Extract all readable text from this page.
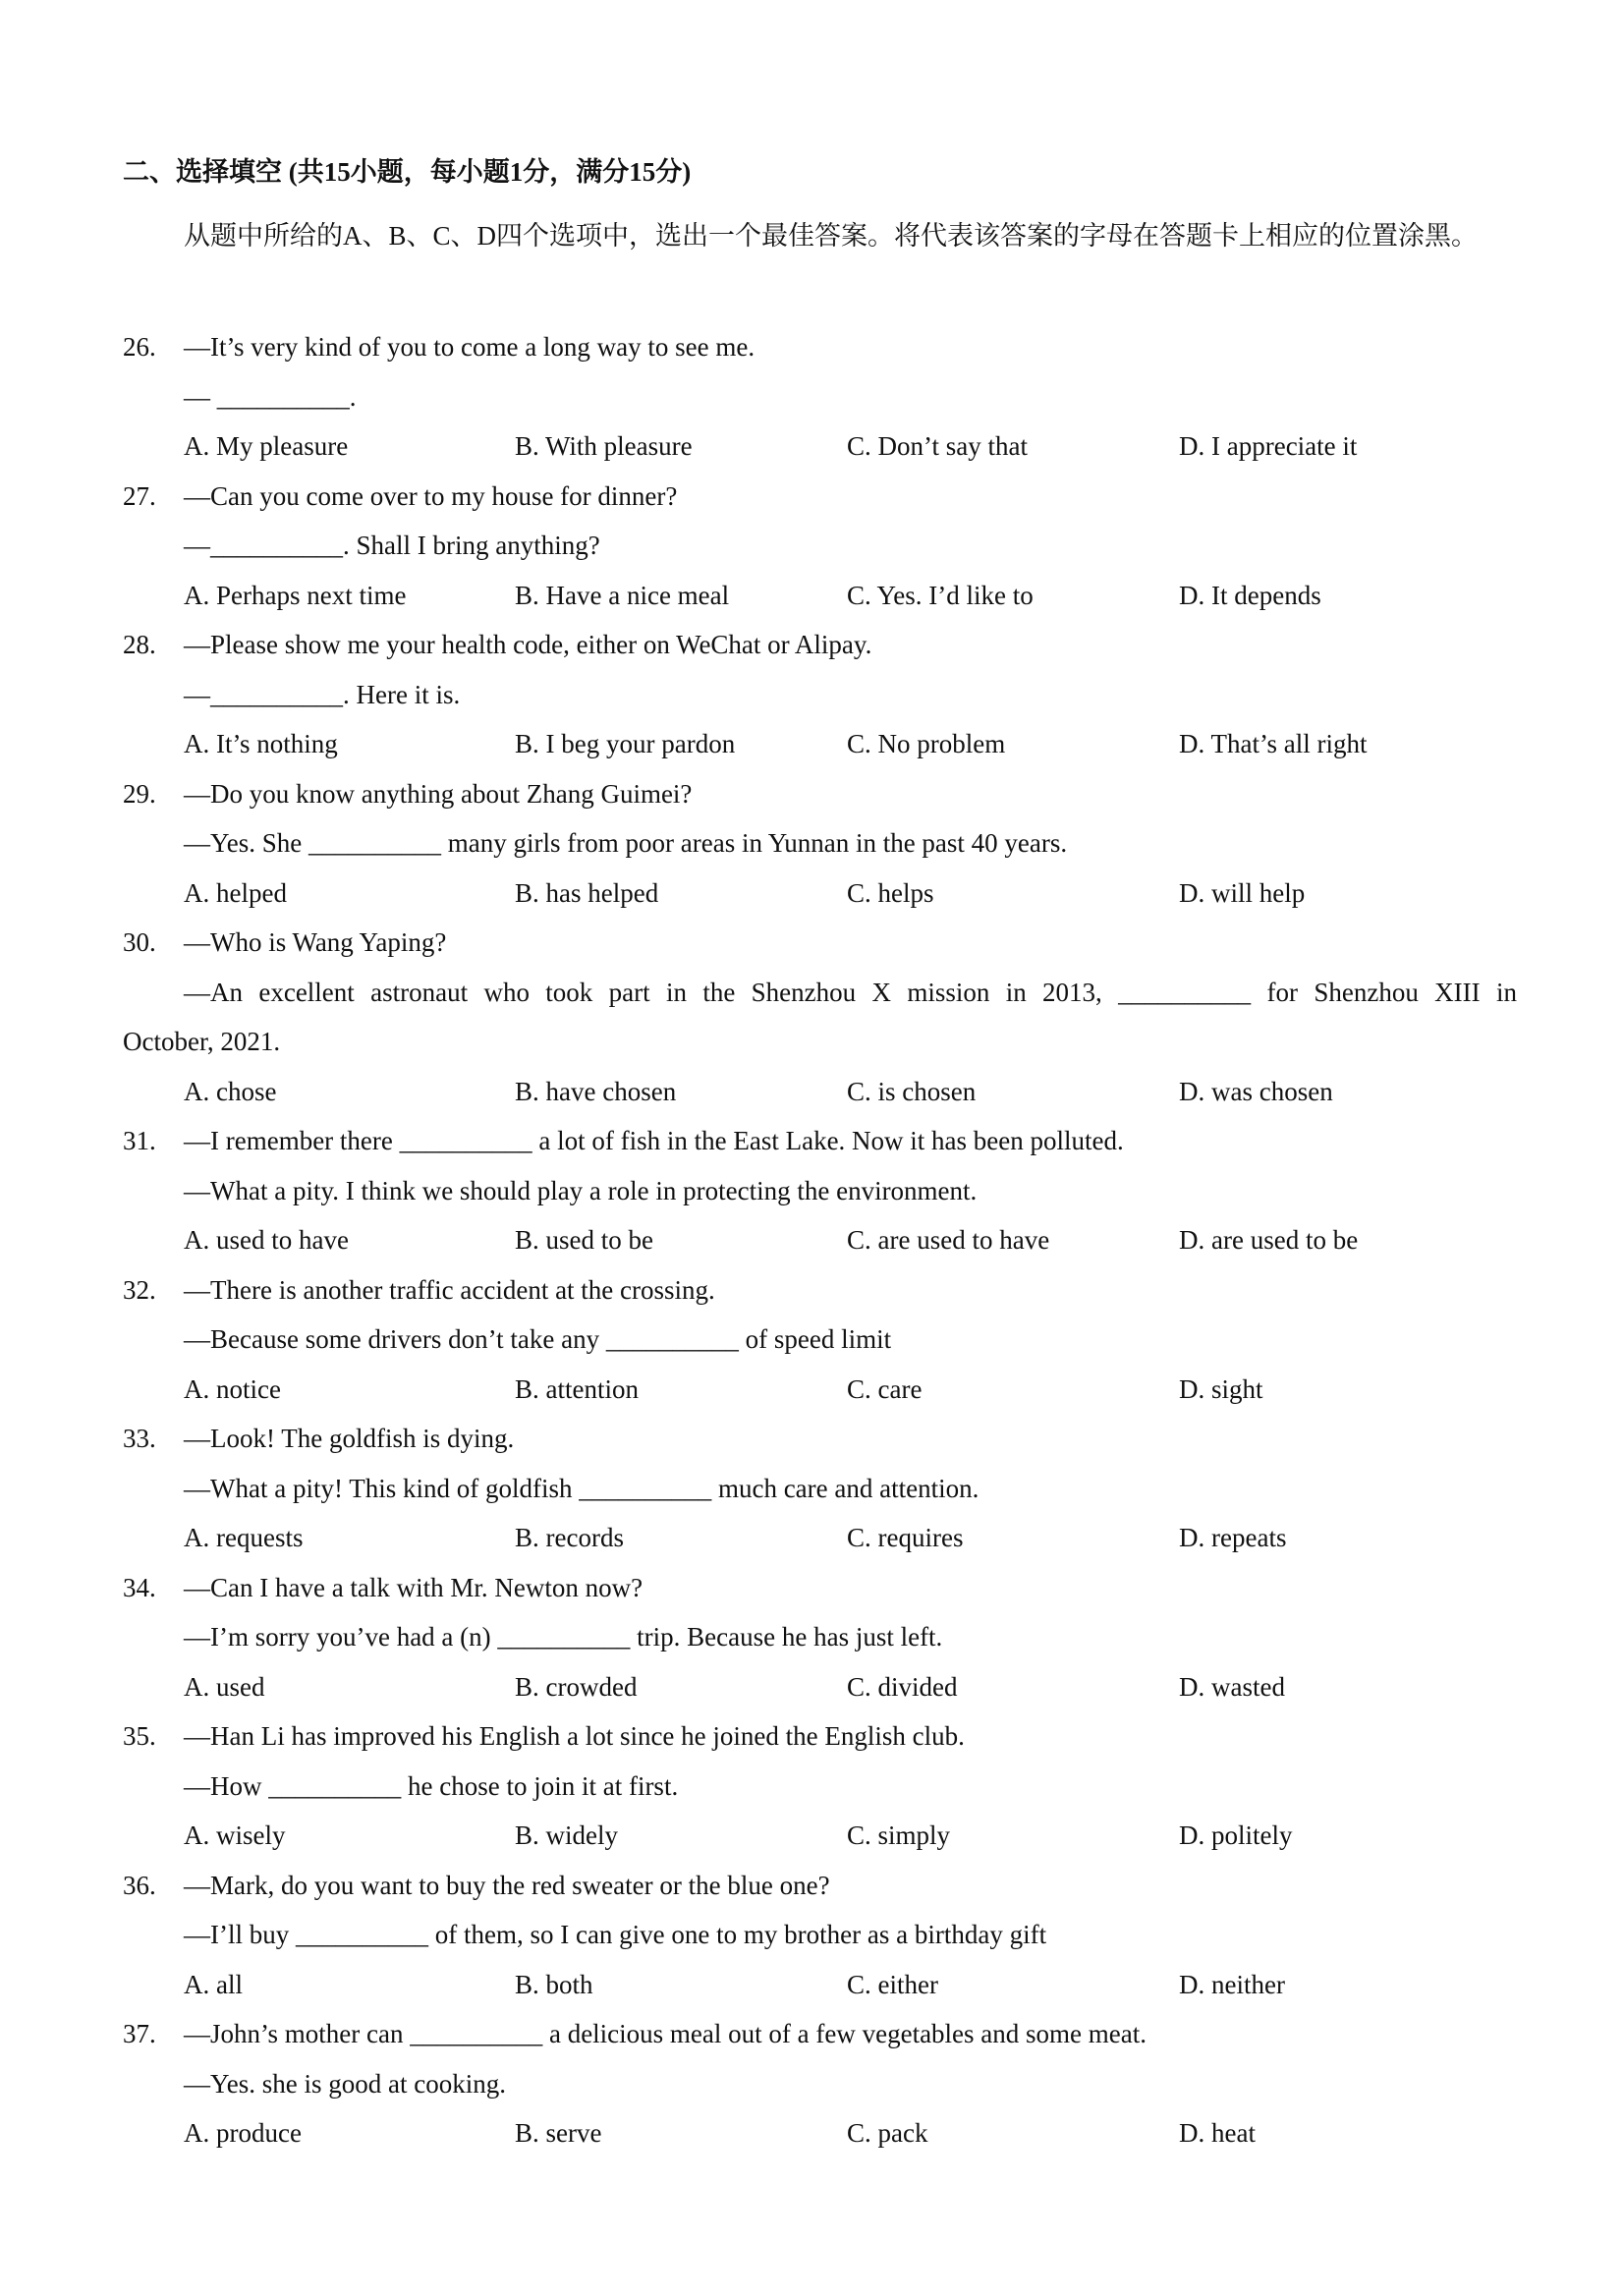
二、选择填空 (共15小题，每小题1分，满分15分)
从题中所给的A、B、C、D四个选项中，选出一个最佳答案。将代表该答案的字母在答题卡上相应的位置涂黑。
26. —It’s very kind of you to come a long way to see me.
— __________.
A. My pleasure	B. With pleasure	C. Don’t say that	D. I appreciate it
27. —Can you come over to my house for dinner?
—__________. Shall I bring anything?
A. Perhaps next time	B. Have a nice meal	C. Yes. I’d like to	D. It depends
28. —Please show me your health code, either on WeChat or Alipay.
—__________. Here it is.
A. It’s nothing	B. I beg your pardon	C. No problem	D. That’s all right
29. —Do you know anything about Zhang Guimei?
—Yes. She __________ many girls from poor areas in Yunnan in the past 40 years.
A. helped	B. has helped	C. helps	D. will help
30. —Who is Wang Yaping?
—An excellent astronaut who took part in the Shenzhou X mission in 2013, __________ for Shenzhou XIII in
October, 2021.
A. chose	B. have chosen	C. is chosen	D. was chosen
31. —I remember there __________ a lot of fish in the East Lake. Now it has been polluted.
—What a pity. I think we should play a role in protecting the environment.
A. used to have	B. used to be	C. are used to have	D. are used to be
32. —There is another traffic accident at the crossing.
—Because some drivers don’t take any __________ of speed limit
A. notice	B. attention	C. care	D. sight
33. —Look! The goldfish is dying.
—What a pity! This kind of goldfish __________ much care and attention.
A. requests	B. records	C. requires	D. repeats
34. —Can I have a talk with Mr. Newton now?
—I’m sorry you’ve had a (n) __________ trip. Because he has just left.
A. used	B. crowded	C. divided	D. wasted
35. —Han Li has improved his English a lot since he joined the English club.
—How __________ he chose to join it at first.
A. wisely	B. widely	C. simply	D. politely
36. —Mark, do you want to buy the red sweater or the blue one?
—I’ll buy __________ of them, so I can give one to my brother as a birthday gift
A. all	B. both	C. either	D. neither
37. —John’s mother can __________ a delicious meal out of a few vegetables and some meat.
—Yes. she is good at cooking.
A. produce	B. serve	C. pack	D. heat
